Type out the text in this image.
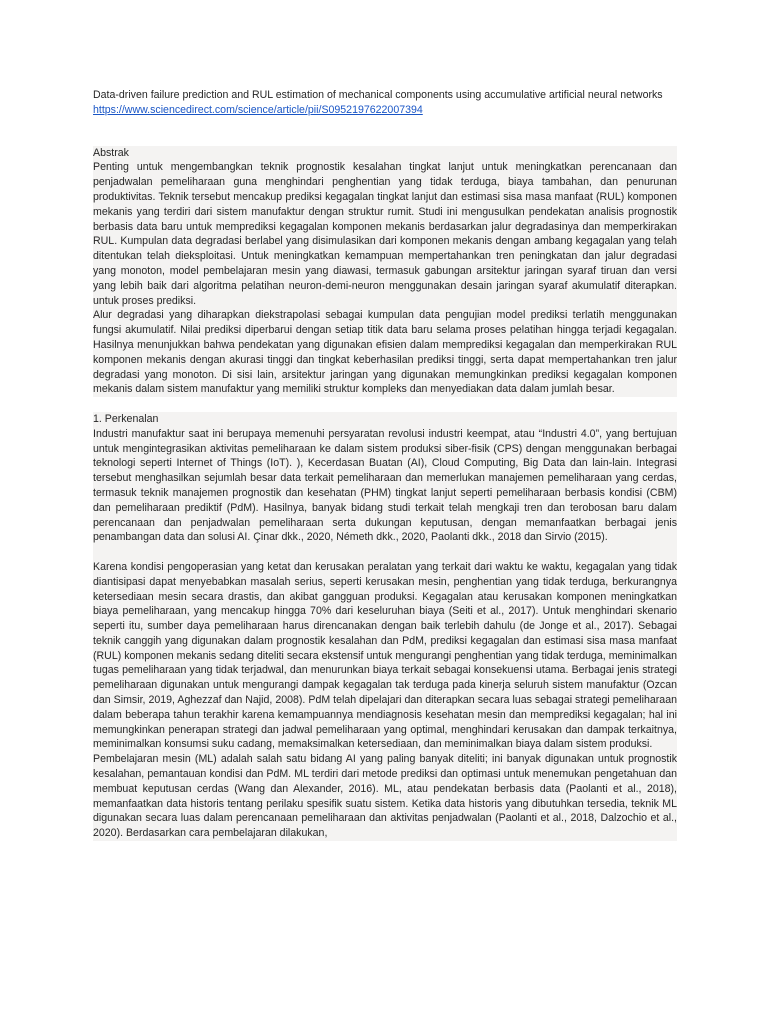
Data-driven failure prediction and RUL estimation of mechanical components using accumulative artificial neural networks

https://www.sciencedirect.com/science/article/pii/S0952197622007394

Abstrak

Penting untuk mengembangkan teknik prognostik kesalahan tingkat lanjut untuk meningkatkan perencanaan dan penjadwalan pemeliharaan guna menghindari penghentian yang tidak terduga, biaya tambahan, dan penurunan produktivitas. Teknik tersebut mencakup prediksi kegagalan tingkat lanjut dan estimasi sisa masa manfaat (RUL) komponen mekanis yang terdiri dari sistem manufaktur dengan struktur rumit. Studi ini mengusulkan pendekatan analisis prognostik berbasis data baru untuk memprediksi kegagalan komponen mekanis berdasarkan jalur degradasinya dan memperkirakan RUL. Kumpulan data degradasi berlabel yang disimulasikan dari komponen mekanis dengan ambang kegagalan yang telah ditentukan telah dieksploitasi. Untuk meningkatkan kemampuan mempertahankan tren peningkatan dan jalur degradasi yang monoton, model pembelajaran mesin yang diawasi, termasuk gabungan arsitektur jaringan syaraf tiruan dan versi yang lebih baik dari algoritma pelatihan neuron-demi-neuron menggunakan desain jaringan syaraf akumulatif diterapkan. untuk proses prediksi.

Alur degradasi yang diharapkan diekstrapolasi sebagai kumpulan data pengujian model prediksi terlatih menggunakan fungsi akumulatif. Nilai prediksi diperbarui dengan setiap titik data baru selama proses pelatihan hingga terjadi kegagalan. Hasilnya menunjukkan bahwa pendekatan yang digunakan efisien dalam memprediksi kegagalan dan memperkirakan RUL komponen mekanis dengan akurasi tinggi dan tingkat keberhasilan prediksi tinggi, serta dapat mempertahankan tren jalur degradasi yang monoton. Di sisi lain, arsitektur jaringan yang digunakan memungkinkan prediksi kegagalan komponen mekanis dalam sistem manufaktur yang memiliki struktur kompleks dan menyediakan data dalam jumlah besar.

1. Perkenalan

Industri manufaktur saat ini berupaya memenuhi persyaratan revolusi industri keempat, atau “Industri 4.0”, yang bertujuan untuk mengintegrasikan aktivitas pemeliharaan ke dalam sistem produksi siber-fisik (CPS) dengan menggunakan berbagai teknologi seperti Internet of Things (IoT). ), Kecerdasan Buatan (AI), Cloud Computing, Big Data dan lain-lain. Integrasi tersebut menghasilkan sejumlah besar data terkait pemeliharaan dan memerlukan manajemen pemeliharaan yang cerdas, termasuk teknik manajemen prognostik dan kesehatan (PHM) tingkat lanjut seperti pemeliharaan berbasis kondisi (CBM) dan pemeliharaan prediktif (PdM). Hasilnya, banyak bidang studi terkait telah mengkaji tren dan terobosan baru dalam perencanaan dan penjadwalan pemeliharaan serta dukungan keputusan, dengan memanfaatkan berbagai jenis penambangan data dan solusi AI. Çinar dkk., 2020, Németh dkk., 2020, Paolanti dkk., 2018 dan Sirvio (2015).

Karena kondisi pengoperasian yang ketat dan kerusakan peralatan yang terkait dari waktu ke waktu, kegagalan yang tidak diantisipasi dapat menyebabkan masalah serius, seperti kerusakan mesin, penghentian yang tidak terduga, berkurangnya ketersediaan mesin secara drastis, dan akibat gangguan produksi. Kegagalan atau kerusakan komponen meningkatkan biaya pemeliharaan, yang mencakup hingga 70% dari keseluruhan biaya (Seiti et al., 2017). Untuk menghindari skenario seperti itu, sumber daya pemeliharaan harus direncanakan dengan baik terlebih dahulu (de Jonge et al., 2017). Sebagai teknik canggih yang digunakan dalam prognostik kesalahan dan PdM, prediksi kegagalan dan estimasi sisa masa manfaat (RUL) komponen mekanis sedang diteliti secara ekstensif untuk mengurangi penghentian yang tidak terduga, meminimalkan tugas pemeliharaan yang tidak terjadwal, dan menurunkan biaya terkait sebagai konsekuensi utama. Berbagai jenis strategi pemeliharaan digunakan untuk mengurangi dampak kegagalan tak terduga pada kinerja seluruh sistem manufaktur (Ozcan dan Simsir, 2019, Aghezzaf dan Najid, 2008). PdM telah dipelajari dan diterapkan secara luas sebagai strategi pemeliharaan dalam beberapa tahun terakhir karena kemampuannya mendiagnosis kesehatan mesin dan memprediksi kegagalan; hal ini memungkinkan penerapan strategi dan jadwal pemeliharaan yang optimal, menghindari kerusakan dan dampak terkaitnya, meminimalkan konsumsi suku cadang, memaksimalkan ketersediaan, dan meminimalkan biaya dalam sistem produksi.

Pembelajaran mesin (ML) adalah salah satu bidang AI yang paling banyak diteliti; ini banyak digunakan untuk prognostik kesalahan, pemantauan kondisi dan PdM. ML terdiri dari metode prediksi dan optimasi untuk menemukan pengetahuan dan membuat keputusan cerdas (Wang dan Alexander, 2016). ML, atau pendekatan berbasis data (Paolanti et al., 2018), memanfaatkan data historis tentang perilaku spesifik suatu sistem. Ketika data historis yang dibutuhkan tersedia, teknik ML digunakan secara luas dalam perencanaan pemeliharaan dan aktivitas penjadwalan (Paolanti et al., 2018, Dalzochio et al., 2020). Berdasarkan cara pembelajaran dilakukan,
